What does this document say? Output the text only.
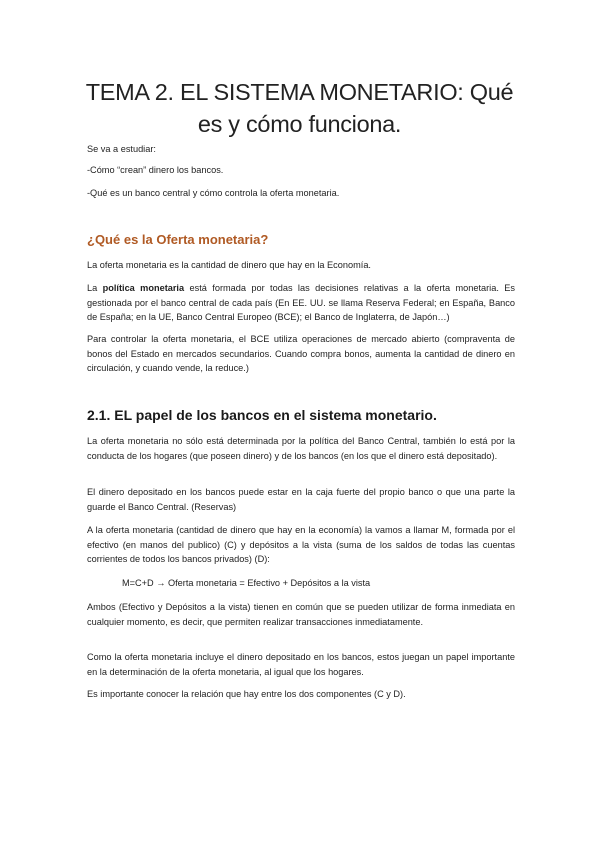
TEMA 2. EL SISTEMA MONETARIO: Qué
es y cómo funciona.
Se va a estudiar:
-Cómo “crean” dinero los bancos.
-Qué es un banco central y cómo controla la oferta monetaria.
¿Qué es la Oferta monetaria?
La oferta monetaria es la cantidad de dinero que hay en la Economía.
La política monetaria está formada por todas las decisiones relativas a la oferta monetaria. Es gestionada por el banco central de cada país (En EE. UU. se llama Reserva Federal; en España, Banco de España; en la UE, Banco Central Europeo (BCE); el Banco de Inglaterra, de Japón…)
Para controlar la oferta monetaria, el BCE utiliza operaciones de mercado abierto (compraventa de bonos del Estado en mercados secundarios. Cuando compra bonos, aumenta la cantidad de dinero en circulación, y cuando vende, la reduce.)
2.1. EL papel de los bancos en el sistema monetario.
La oferta monetaria no sólo está determinada por la política del Banco Central, también lo está por la conducta de los hogares (que poseen dinero) y de los bancos (en los que el dinero está depositado).
El dinero depositado en los bancos puede estar en la caja fuerte del propio banco o que una parte la guarde el Banco Central. (Reservas)
A la oferta monetaria (cantidad de dinero que hay en la economía) la vamos a llamar M, formada por el efectivo (en manos del publico) (C) y depósitos a la vista (suma de los saldos de todas las cuentas corrientes de todos los bancos privados) (D):
M=C+D → Oferta monetaria = Efectivo + Depósitos a la vista
Ambos (Efectivo y Depósitos a la vista) tienen en común que se pueden utilizar de forma inmediata en cualquier momento, es decir, que permiten realizar transacciones inmediatamente.
Como la oferta monetaria incluye el dinero depositado en los bancos, estos juegan un papel importante en la determinación de la oferta monetaria, al igual que los hogares.
Es importante conocer la relación que hay entre los dos componentes (C y D).
